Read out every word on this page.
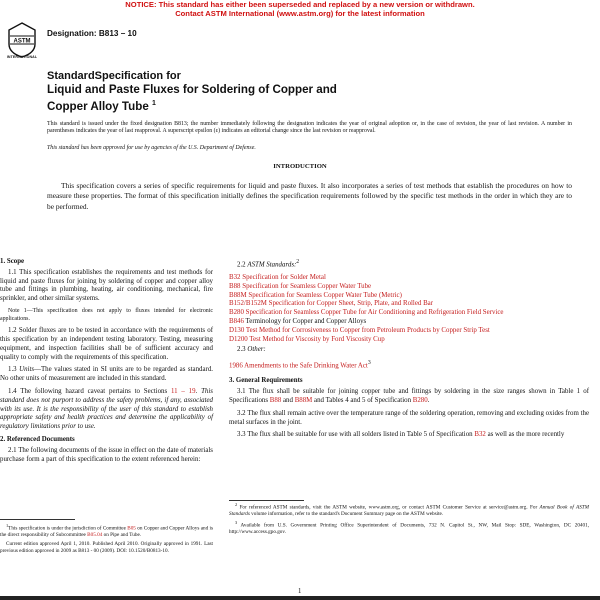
NOTICE: This standard has either been superseded and replaced by a new version or withdrawn.
Contact ASTM International (www.astm.org) for the latest information
ASTM
INTERNATIONAL
Designation: B813 – 10
StandardSpecification for
Liquid and Paste Fluxes for Soldering of Copper and
Copper Alloy Tube $^1$
This standard is issued under the fixed designation B813; the number immediately following the designation indicates the year of original adoption or, in the case of revision, the year of last revision. A number in parentheses indicates the year of last reapproval. A superscript epsilon (ε) indicates an editorial change since the last revision or reapproval.
This standard has been approved for use by agencies of the U.S. Department of Defense.
INTRODUCTION
This specification covers a series of specific requirements for liquid and paste fluxes. It also incorporates a series of test methods that establish the procedures on how to measure these properties. The format of this specification initially defines the specification requirements followed by the specific test methods in the order in which they are to be performed.
1. Scope

1.1 This specification establishes the requirements and test methods for liquid and paste fluxes for joining by soldering of copper and copper alloy tube and fittings in plumbing, heating, air conditioning, mechanical, fire sprinkler, and other similar systems.

Note 1—This specification does not apply to fluxes intended for electronic applications.

1.2 Solder fluxes are to be tested in accordance with the requirements of this specification by an independent testing laboratory. Testing, measuring equipment, and inspection facilities shall be of sufficient accuracy and quality to comply with the requirements of this specification.

1.3 Units—The values stated in SI units are to be regarded as standard. No other units of measurement are included in this standard.

1.4 The following hazard caveat pertains to Sections 11 – 19. This standard does not purport to address the safety problems, if any, associated with its use. It is the responsibility of the user of this standard to establish appropriate safety and health practices and determine the applicability of regulatory limitations prior to use.

2. Referenced Documents

2.1 The following documents of the issue in effect on the date of materials purchase form a part of this specification to the extent referenced herein:

$^1$This specification is under the jurisdiction of Committee B05 on Copper and Copper Alloys and is the direct responsibility of Subcommittee B05.04 on Pipe and Tube.

Current edition approved April 1, 2010. Published April 2010. Originally approved in 1991. Last previous edition approved in 2009 as B813 - 00 (2009). DOI: 10.1520/B0813-10.

2.2 ASTM Standards:$^2$

B32 Specification for Solder Metal
B88 Specification for Seamless Copper Water Tube
B88M Specification for Seamless Copper Water Tube (Metric)
B152/B152M Specification for Copper Sheet, Strip, Plate, and Rolled Bar
B280 Specification for Seamless Copper Tube for Air Conditioning and Refrigeration Field Service
B846 Terminology for Copper and Copper Alloys
D130 Test Method for Corrosiveness to Copper from Petroleum Products by Copper Strip Test
D1200 Test Method for Viscosity by Ford Viscosity Cup

2.3 Other:

1986 Amendments to the Safe Drinking Water Act$^3$
3. General Requirements

3.1 The flux shall be suitable for joining copper tube and fittings by soldering in the size ranges shown in Table 1 of Specifications B88 and B88M and Tables 4 and 5 of Specification B280.

3.2 The flux shall remain active over the temperature range of the soldering operation, removing and excluding oxides from the metal surfaces in the joint.

3.3 The flux shall be suitable for use with all solders listed in Table 5 of Specification B32 as well as the more recently

$^2$ For referenced ASTM standards, visit the ASTM website, www.astm.org, or contact ASTM Customer Service at service@astm.org. For Annual Book of ASTM Standards volume information, refer to the standard's Document Summary page on the ASTM website.

$^3$ Available from U.S. Government Printing Office Superintendent of Documents, 732 N. Capitol St., NW, Mail Stop: SDE, Washington, DC 20401, http://www.access.gpo.gov.

1
